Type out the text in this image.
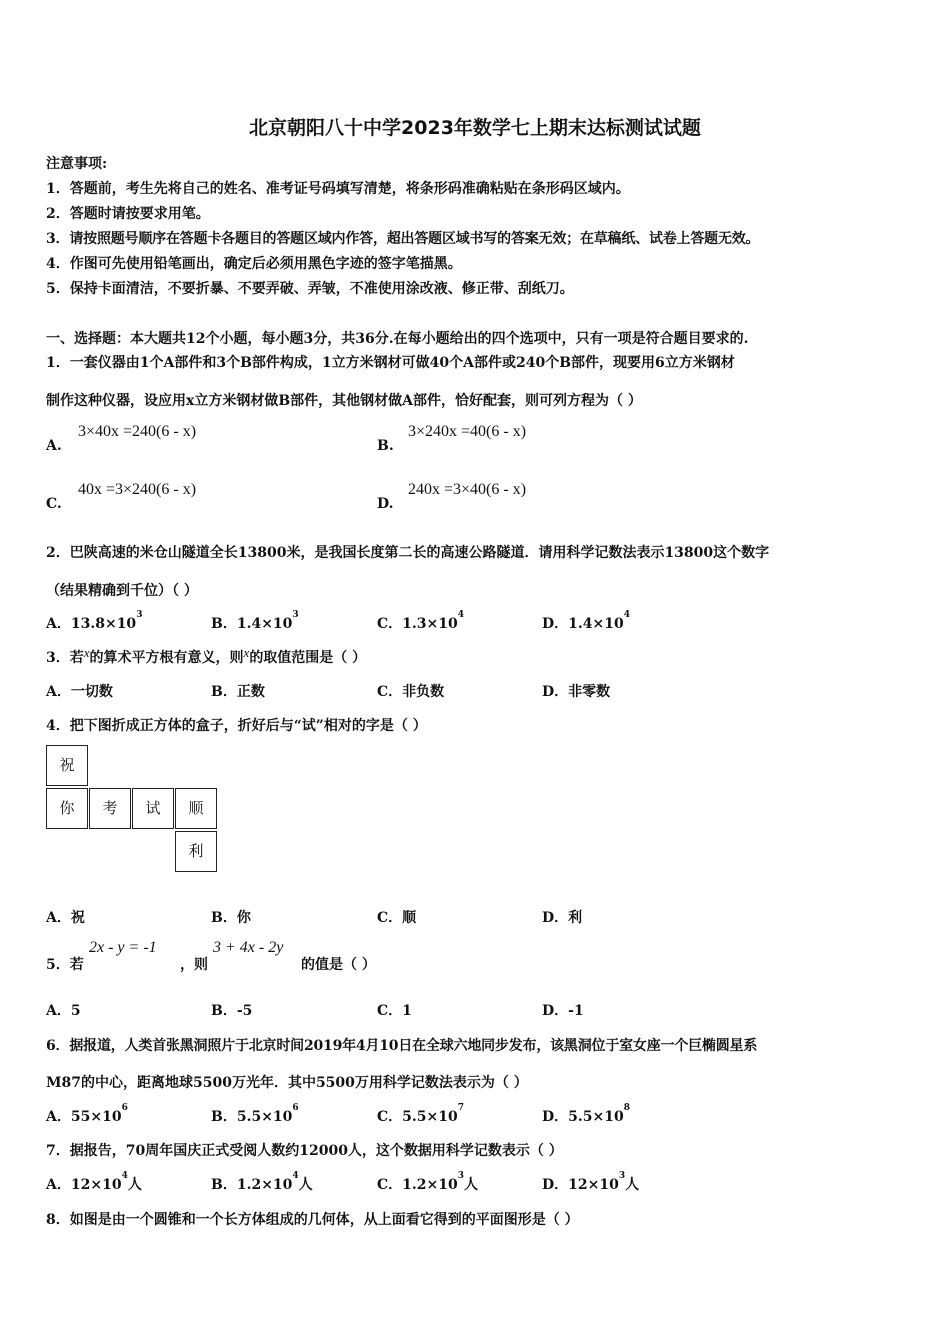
北京朝阳八十中学2023年数学七上期末达标测试试题
注意事项:
1．答题前，考生先将自己的姓名、准考证号码填写清楚，将条形码准确粘贴在条形码区域内。
2．答题时请按要求用笔。
3．请按照题号顺序在答题卡各题目的答题区域内作答，超出答题区域书写的答案无效；在草稿纸、试卷上答题无效。
4．作图可先使用铅笔画出，确定后必须用黑色字迹的签字笔描黑。
5．保持卡面清洁，不要折暴、不要弄破、弄皱，不准使用涂改液、修正带、刮纸刀。
一、选择题：本大题共12个小题，每小题3分，共36分.在每小题给出的四个选项中，只有一项是符合题目要求的.
1．一套仪器由1个A部件和3个B部件构成，1立方米钢材可做40个A部件或240个B部件，现要用6立方米钢材
制作这种仪器，设应用x立方米钢材做B部件，其他钢材做A部件，恰好配套，则可列方程为（ ）
A.
3×40x =240(6 - x)
B.
3×240x =40(6 - x)
C.
40x =3×240(6 - x)
D.
240x =3×40(6 - x)
2．巴陕高速的米仓山隧道全长13800米，是我国长度第二长的高速公路隧道．请用科学记数法表示13800这个数字
（结果精确到千位）（ ）
A．$13.8\times 10^3$
B．$1.4\times 10^3$
C．$1.3\times 10^4$
D．$1.4\times 10^4$
3．若x的算术平方根有意义，则x的取值范围是（ ）
A．一切数	B．正数	C．非负数	D．非零数
4．把下图折成正方体的盒子，折好后与“试”相对的字是（ ）
祝
你	考	试	顺
利
A．祝	B．你	C．顺	D．利
5．若
2x - y = -1
，则
3 + 4x - 2y
的值是（ ）
A．5	B．-5	C．1	D．-1
6．据报道，人类首张黑洞照片于北京时间2019年4月10日在全球六地同步发布，该黑洞位于室女座一个巨椭圆星系
M87的中心，距离地球5500万光年．其中5500万用科学记数法表示为（ ）
A．$55\times 10^6$
B．$5.5\times 10^6$
C．$5.5\times 10^7$
D．$5.5\times 10^8$
7．据报告，70周年国庆正式受阅人数约12000人，这个数据用科学记数表示（ ）
A．$12\times 10^4$人	B．$1.2\times 10^4$人	C．$1.2\times 10^3$人	D．$12\times 10^3$人
8．如图是由一个圆锥和一个长方体组成的几何体，从上面看它得到的平面图形是（ ）
